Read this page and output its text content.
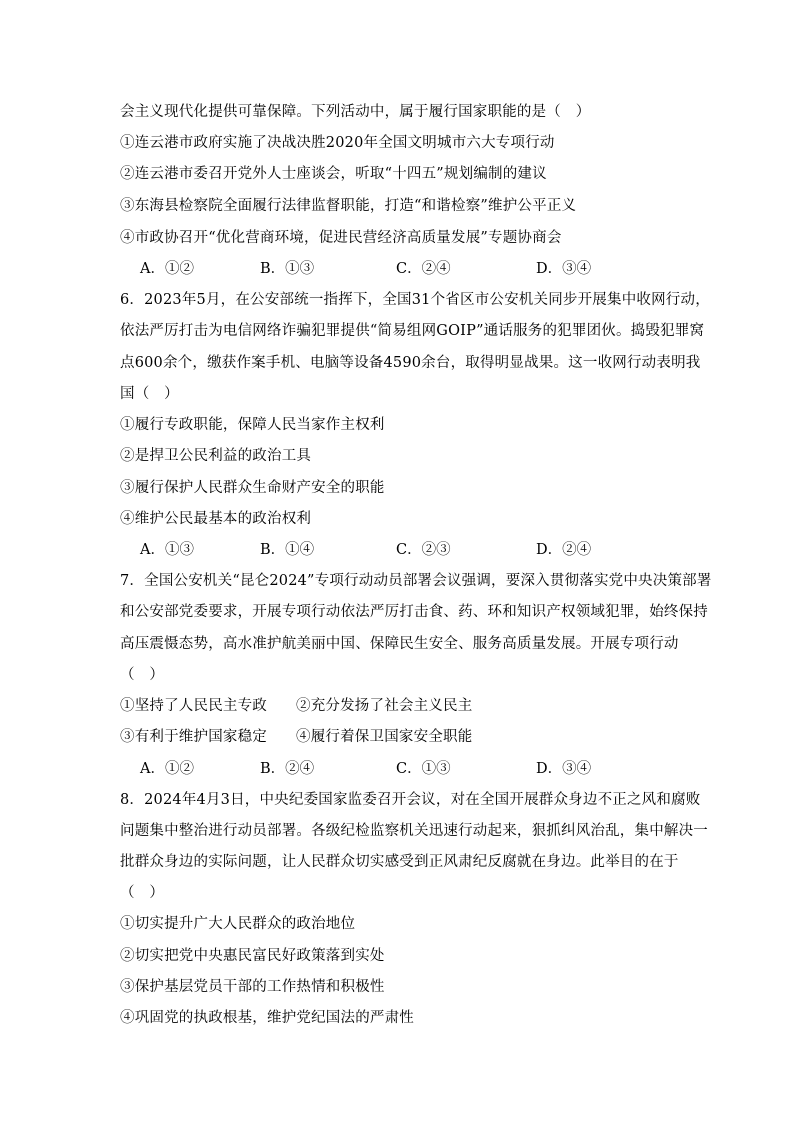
会主义现代化提供可靠保障。下列活动中，属于履行国家职能的是（　）
①连云港市政府实施了决战决胜2020年全国文明城市六大专项行动
②连云港市委召开党外人士座谈会，听取“十四五”规划编制的建议
③东海县检察院全面履行法律监督职能，打造“和谐检察”维护公平正义
④市政协召开“优化营商环境，促进民营经济高质量发展”专题协商会
A．①②	B．①③	C．②④	D．③④
6．2023年5月，在公安部统一指挥下，全国31个省区市公安机关同步开展集中收网行动，
依法严厉打击为电信网络诈骗犯罪提供“简易组网GOIP”通话服务的犯罪团伙。捣毁犯罪窝
点600余个，缴获作案手机、电脑等设备4590余台，取得明显战果。这一收网行动表明我
国（　）
①履行专政职能，保障人民当家作主权利
②是捍卫公民利益的政治工具
③履行保护人民群众生命财产安全的职能
④维护公民最基本的政治权利
A．①③	B．①④	C．②③	D．②④
7．全国公安机关“昆仑2024”专项行动动员部署会议强调，要深入贯彻落实党中央决策部署
和公安部党委要求，开展专项行动依法严厉打击食、药、环和知识产权领域犯罪，始终保持
高压震慑态势，高水准护航美丽中国、保障民生安全、服务高质量发展。开展专项行动
（　）
①坚持了人民民主专政 ②充分发扬了社会主义民主
③有利于维护国家稳定 ④履行着保卫国家安全职能
A．①②	B．②④	C．①③	D．③④
8．2024年4月3日，中央纪委国家监委召开会议，对在全国开展群众身边不正之风和腐败
问题集中整治进行动员部署。各级纪检监察机关迅速行动起来，狠抓纠风治乱，集中解决一
批群众身边的实际问题，让人民群众切实感受到正风肃纪反腐就在身边。此举目的在于
（　）
①切实提升广大人民群众的政治地位
②切实把党中央惠民富民好政策落到实处
③保护基层党员干部的工作热情和积极性
④巩固党的执政根基，维护党纪国法的严肃性
